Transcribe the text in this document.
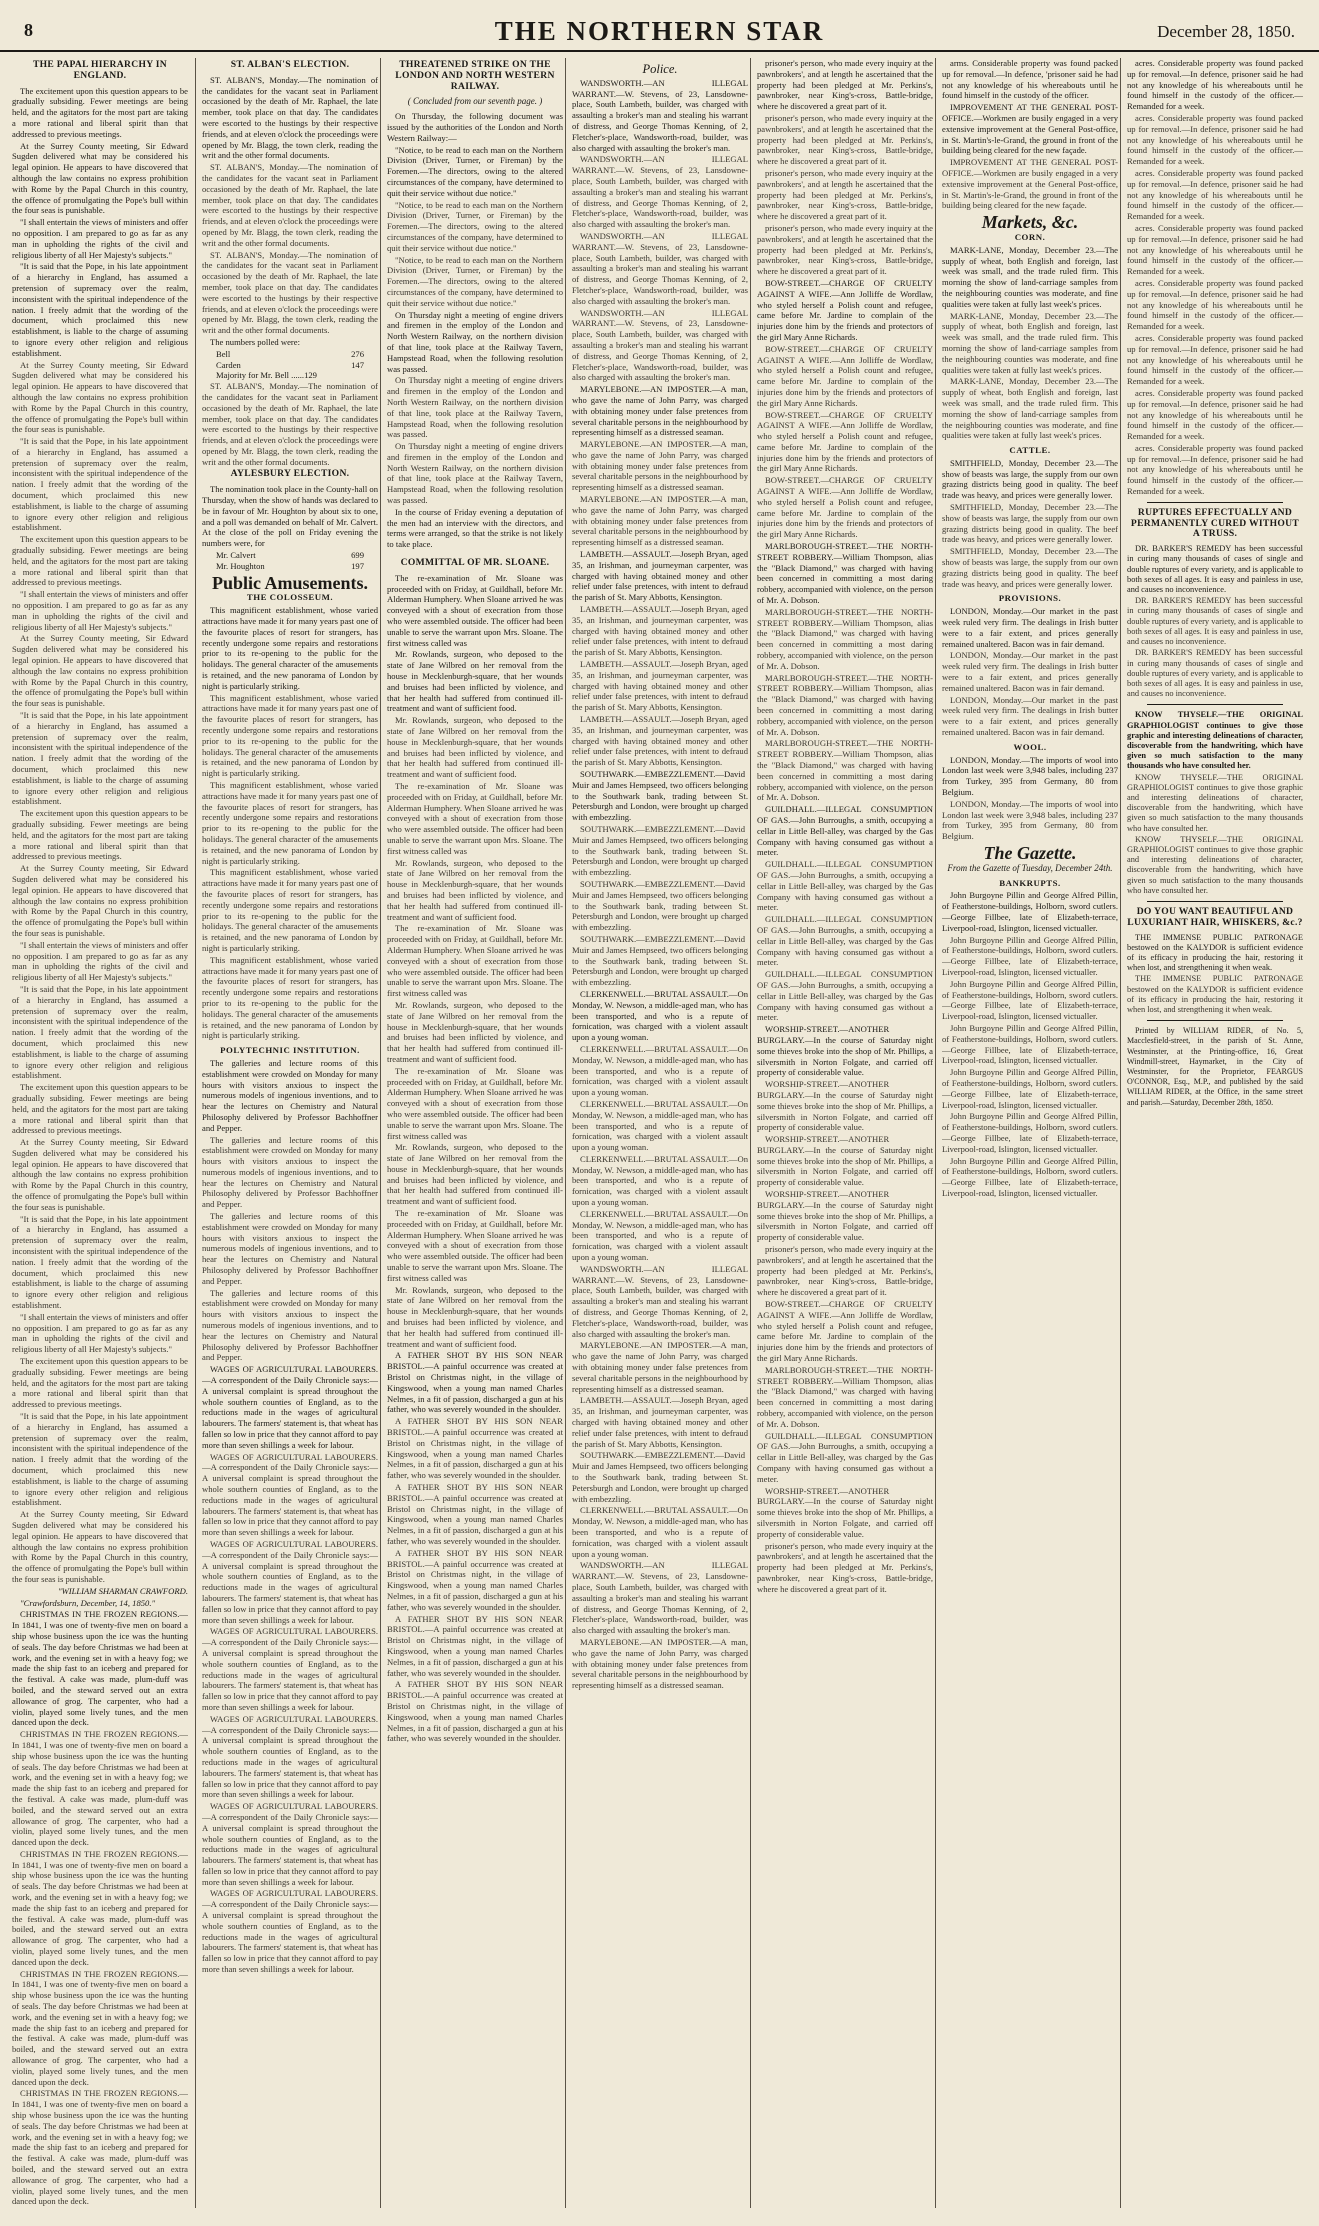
8	THE NORTHERN STAR	December 28, 1850.
THE PAPAL HIERARCHY IN ENGLAND.

The excitement upon this question appears to be gradually subsiding. Fewer meetings are being held, and the agitators for the most part are taking a more rational and liberal spirit than that addressed to previous meetings.

At the Surrey County meeting, Sir Edward Sugden delivered what may be considered his legal opinion. He appears to have discovered that although the law contains no express prohibition with Rome by the Papal Church in this country, the offence of promulgating the Pope's bull within the four seas is punishable.

"I shall entertain the views of ministers and offer no opposition. I am prepared to go as far as any man in upholding the rights of the civil and religious liberty of all Her Majesty's subjects."

"It is said that the Pope, in his late appointment of a hierarchy in England, has assumed a pretension of supremacy over the realm, inconsistent with the spiritual independence of the nation. I freely admit that the wording of the document, which proclaimed this new establishment, is liable to the charge of assuming to ignore every other religion and religious establishment.

At the Surrey County meeting, Sir Edward Sugden delivered what may be considered his legal opinion. He appears to have discovered that although the law contains no express prohibition with Rome by the Papal Church in this country, the offence of promulgating the Pope's bull within the four seas is punishable.

"It is said that the Pope, in his late appointment of a hierarchy in England, has assumed a pretension of supremacy over the realm, inconsistent with the spiritual independence of the nation. I freely admit that the wording of the document, which proclaimed this new establishment, is liable to the charge of assuming to ignore every other religion and religious establishment.

The excitement upon this question appears to be gradually subsiding. Fewer meetings are being held, and the agitators for the most part are taking a more rational and liberal spirit than that addressed to previous meetings.

"I shall entertain the views of ministers and offer no opposition. I am prepared to go as far as any man in upholding the rights of the civil and religious liberty of all Her Majesty's subjects."

At the Surrey County meeting, Sir Edward Sugden delivered what may be considered his legal opinion. He appears to have discovered that although the law contains no express prohibition with Rome by the Papal Church in this country, the offence of promulgating the Pope's bull within the four seas is punishable.

"It is said that the Pope, in his late appointment of a hierarchy in England, has assumed a pretension of supremacy over the realm, inconsistent with the spiritual independence of the nation. I freely admit that the wording of the document, which proclaimed this new establishment, is liable to the charge of assuming to ignore every other religion and religious establishment.

The excitement upon this question appears to be gradually subsiding. Fewer meetings are being held, and the agitators for the most part are taking a more rational and liberal spirit than that addressed to previous meetings.

At the Surrey County meeting, Sir Edward Sugden delivered what may be considered his legal opinion. He appears to have discovered that although the law contains no express prohibition with Rome by the Papal Church in this country, the offence of promulgating the Pope's bull within the four seas is punishable.

"I shall entertain the views of ministers and offer no opposition. I am prepared to go as far as any man in upholding the rights of the civil and religious liberty of all Her Majesty's subjects."

"It is said that the Pope, in his late appointment of a hierarchy in England, has assumed a pretension of supremacy over the realm, inconsistent with the spiritual independence of the nation. I freely admit that the wording of the document, which proclaimed this new establishment, is liable to the charge of assuming to ignore every other religion and religious establishment.

The excitement upon this question appears to be gradually subsiding. Fewer meetings are being held, and the agitators for the most part are taking a more rational and liberal spirit than that addressed to previous meetings.

At the Surrey County meeting, Sir Edward Sugden delivered what may be considered his legal opinion. He appears to have discovered that although the law contains no express prohibition with Rome by the Papal Church in this country, the offence of promulgating the Pope's bull within the four seas is punishable.

"It is said that the Pope, in his late appointment of a hierarchy in England, has assumed a pretension of supremacy over the realm, inconsistent with the spiritual independence of the nation. I freely admit that the wording of the document, which proclaimed this new establishment, is liable to the charge of assuming to ignore every other religion and religious establishment.

"I shall entertain the views of ministers and offer no opposition. I am prepared to go as far as any man in upholding the rights of the civil and religious liberty of all Her Majesty's subjects."

The excitement upon this question appears to be gradually subsiding. Fewer meetings are being held, and the agitators for the most part are taking a more rational and liberal spirit than that addressed to previous meetings.

"It is said that the Pope, in his late appointment of a hierarchy in England, has assumed a pretension of supremacy over the realm, inconsistent with the spiritual independence of the nation. I freely admit that the wording of the document, which proclaimed this new establishment, is liable to the charge of assuming to ignore every other religion and religious establishment.

At the Surrey County meeting, Sir Edward Sugden delivered what may be considered his legal opinion. He appears to have discovered that although the law contains no express prohibition with Rome by the Papal Church in this country, the offence of promulgating the Pope's bull within the four seas is punishable.

"WILLIAM SHARMAN CRAWFORD.

"Crawfordsburn, December, 14, 1850."

CHRISTMAS IN THE FROZEN REGIONS.—In 1841, I was one of twenty-five men on board a ship whose business upon the ice was the hunting of seals. The day before Christmas we had been at work, and the evening set in with a heavy fog; we made the ship fast to an iceberg and prepared for the festival. A cake was made, plum-duff was boiled, and the steward served out an extra allowance of grog. The carpenter, who had a violin, played some lively tunes, and the men danced upon the deck.

CHRISTMAS IN THE FROZEN REGIONS.—In 1841, I was one of twenty-five men on board a ship whose business upon the ice was the hunting of seals. The day before Christmas we had been at work, and the evening set in with a heavy fog; we made the ship fast to an iceberg and prepared for the festival. A cake was made, plum-duff was boiled, and the steward served out an extra allowance of grog. The carpenter, who had a violin, played some lively tunes, and the men danced upon the deck.

CHRISTMAS IN THE FROZEN REGIONS.—In 1841, I was one of twenty-five men on board a ship whose business upon the ice was the hunting of seals. The day before Christmas we had been at work, and the evening set in with a heavy fog; we made the ship fast to an iceberg and prepared for the festival. A cake was made, plum-duff was boiled, and the steward served out an extra allowance of grog. The carpenter, who had a violin, played some lively tunes, and the men danced upon the deck.

CHRISTMAS IN THE FROZEN REGIONS.—In 1841, I was one of twenty-five men on board a ship whose business upon the ice was the hunting of seals. The day before Christmas we had been at work, and the evening set in with a heavy fog; we made the ship fast to an iceberg and prepared for the festival. A cake was made, plum-duff was boiled, and the steward served out an extra allowance of grog. The carpenter, who had a violin, played some lively tunes, and the men danced upon the deck.

CHRISTMAS IN THE FROZEN REGIONS.—In 1841, I was one of twenty-five men on board a ship whose business upon the ice was the hunting of seals. The day before Christmas we had been at work, and the evening set in with a heavy fog; we made the ship fast to an iceberg and prepared for the festival. A cake was made, plum-duff was boiled, and the steward served out an extra allowance of grog. The carpenter, who had a violin, played some lively tunes, and the men danced upon the deck.

ST. ALBAN'S ELECTION.

ST. ALBAN'S, Monday.—The nomination of the candidates for the vacant seat in Parliament occasioned by the death of Mr. Raphael, the late member, took place on that day. The candidates were escorted to the hustings by their respective friends, and at eleven o'clock the proceedings were opened by Mr. Blagg, the town clerk, reading the writ and the other formal documents.

ST. ALBAN'S, Monday.—The nomination of the candidates for the vacant seat in Parliament occasioned by the death of Mr. Raphael, the late member, took place on that day. The candidates were escorted to the hustings by their respective friends, and at eleven o'clock the proceedings were opened by Mr. Blagg, the town clerk, reading the writ and the other formal documents.

ST. ALBAN'S, Monday.—The nomination of the candidates for the vacant seat in Parliament occasioned by the death of Mr. Raphael, the late member, took place on that day. The candidates were escorted to the hustings by their respective friends, and at eleven o'clock the proceedings were opened by Mr. Blagg, the town clerk, reading the writ and the other formal documents.

The numbers polled were:

Bell	276
Carden	147
Majority for Mr. Bell ......129

ST. ALBAN'S, Monday.—The nomination of the candidates for the vacant seat in Parliament occasioned by the death of Mr. Raphael, the late member, took place on that day. The candidates were escorted to the hustings by their respective friends, and at eleven o'clock the proceedings were opened by Mr. Blagg, the town clerk, reading the writ and the other formal documents.

AYLESBURY ELECTION.

The nomination took place in the County-hall on Thursday, when the show of hands was declared to be in favour of Mr. Houghton by about six to one, and a poll was demanded on behalf of Mr. Calvert. At the close of the poll on Friday evening the numbers were, for

Mr. Calvert	699
Mr. Houghton	197
Public Amusements.
THE COLOSSEUM.

This magnificent establishment, whose varied attractions have made it for many years past one of the favourite places of resort for strangers, has recently undergone some repairs and restorations prior to its re-opening to the public for the holidays. The general character of the amusements is retained, and the new panorama of London by night is particularly striking.

This magnificent establishment, whose varied attractions have made it for many years past one of the favourite places of resort for strangers, has recently undergone some repairs and restorations prior to its re-opening to the public for the holidays. The general character of the amusements is retained, and the new panorama of London by night is particularly striking.

This magnificent establishment, whose varied attractions have made it for many years past one of the favourite places of resort for strangers, has recently undergone some repairs and restorations prior to its re-opening to the public for the holidays. The general character of the amusements is retained, and the new panorama of London by night is particularly striking.

This magnificent establishment, whose varied attractions have made it for many years past one of the favourite places of resort for strangers, has recently undergone some repairs and restorations prior to its re-opening to the public for the holidays. The general character of the amusements is retained, and the new panorama of London by night is particularly striking.

This magnificent establishment, whose varied attractions have made it for many years past one of the favourite places of resort for strangers, has recently undergone some repairs and restorations prior to its re-opening to the public for the holidays. The general character of the amusements is retained, and the new panorama of London by night is particularly striking.

POLYTECHNIC INSTITUTION.

The galleries and lecture rooms of this establishment were crowded on Monday for many hours with visitors anxious to inspect the numerous models of ingenious inventions, and to hear the lectures on Chemistry and Natural Philosophy delivered by Professor Bachhoffner and Pepper.

The galleries and lecture rooms of this establishment were crowded on Monday for many hours with visitors anxious to inspect the numerous models of ingenious inventions, and to hear the lectures on Chemistry and Natural Philosophy delivered by Professor Bachhoffner and Pepper.

The galleries and lecture rooms of this establishment were crowded on Monday for many hours with visitors anxious to inspect the numerous models of ingenious inventions, and to hear the lectures on Chemistry and Natural Philosophy delivered by Professor Bachhoffner and Pepper.

The galleries and lecture rooms of this establishment were crowded on Monday for many hours with visitors anxious to inspect the numerous models of ingenious inventions, and to hear the lectures on Chemistry and Natural Philosophy delivered by Professor Bachhoffner and Pepper.

WAGES OF AGRICULTURAL LABOURERS.—A correspondent of the Daily Chronicle says:—A universal complaint is spread throughout the whole southern counties of England, as to the reductions made in the wages of agricultural labourers. The farmers' statement is, that wheat has fallen so low in price that they cannot afford to pay more than seven shillings a week for labour.

WAGES OF AGRICULTURAL LABOURERS.—A correspondent of the Daily Chronicle says:—A universal complaint is spread throughout the whole southern counties of England, as to the reductions made in the wages of agricultural labourers. The farmers' statement is, that wheat has fallen so low in price that they cannot afford to pay more than seven shillings a week for labour.

WAGES OF AGRICULTURAL LABOURERS.—A correspondent of the Daily Chronicle says:—A universal complaint is spread throughout the whole southern counties of England, as to the reductions made in the wages of agricultural labourers. The farmers' statement is, that wheat has fallen so low in price that they cannot afford to pay more than seven shillings a week for labour.

WAGES OF AGRICULTURAL LABOURERS.—A correspondent of the Daily Chronicle says:—A universal complaint is spread throughout the whole southern counties of England, as to the reductions made in the wages of agricultural labourers. The farmers' statement is, that wheat has fallen so low in price that they cannot afford to pay more than seven shillings a week for labour.

WAGES OF AGRICULTURAL LABOURERS.—A correspondent of the Daily Chronicle says:—A universal complaint is spread throughout the whole southern counties of England, as to the reductions made in the wages of agricultural labourers. The farmers' statement is, that wheat has fallen so low in price that they cannot afford to pay more than seven shillings a week for labour.

WAGES OF AGRICULTURAL LABOURERS.—A correspondent of the Daily Chronicle says:—A universal complaint is spread throughout the whole southern counties of England, as to the reductions made in the wages of agricultural labourers. The farmers' statement is, that wheat has fallen so low in price that they cannot afford to pay more than seven shillings a week for labour.

WAGES OF AGRICULTURAL LABOURERS.—A correspondent of the Daily Chronicle says:—A universal complaint is spread throughout the whole southern counties of England, as to the reductions made in the wages of agricultural labourers. The farmers' statement is, that wheat has fallen so low in price that they cannot afford to pay more than seven shillings a week for labour.

THREATENED STRIKE ON THE LONDON AND NORTH WESTERN RAILWAY.
( Concluded from our seventh page. )

On Thursday, the following document was issued by the authorities of the London and North Western Railway:—

"Notice, to be read to each man on the Northern Division (Driver, Turner, or Fireman) by the Foremen.—The directors, owing to the altered circumstances of the company, have determined to quit their service without due notice."

"Notice, to be read to each man on the Northern Division (Driver, Turner, or Fireman) by the Foremen.—The directors, owing to the altered circumstances of the company, have determined to quit their service without due notice."

"Notice, to be read to each man on the Northern Division (Driver, Turner, or Fireman) by the Foremen.—The directors, owing to the altered circumstances of the company, have determined to quit their service without due notice."

On Thursday night a meeting of engine drivers and firemen in the employ of the London and North Western Railway, on the northern division of that line, took place at the Railway Tavern, Hampstead Road, when the following resolution was passed.

On Thursday night a meeting of engine drivers and firemen in the employ of the London and North Western Railway, on the northern division of that line, took place at the Railway Tavern, Hampstead Road, when the following resolution was passed.

On Thursday night a meeting of engine drivers and firemen in the employ of the London and North Western Railway, on the northern division of that line, took place at the Railway Tavern, Hampstead Road, when the following resolution was passed.

In the course of Friday evening a deputation of the men had an interview with the directors, and terms were arranged, so that the strike is not likely to take place.

COMMITTAL OF MR. SLOANE.

The re-examination of Mr. Sloane was proceeded with on Friday, at Guildhall, before Mr. Alderman Humphery. When Sloane arrived he was conveyed with a shout of execration from those who were assembled outside. The officer had been unable to serve the warrant upon Mrs. Sloane. The first witness called was

Mr. Rowlands, surgeon, who deposed to the state of Jane Wilbred on her removal from the house in Mecklenburgh-square, that her wounds and bruises had been inflicted by violence, and that her health had suffered from continued ill-treatment and want of sufficient food.

Mr. Rowlands, surgeon, who deposed to the state of Jane Wilbred on her removal from the house in Mecklenburgh-square, that her wounds and bruises had been inflicted by violence, and that her health had suffered from continued ill-treatment and want of sufficient food.

The re-examination of Mr. Sloane was proceeded with on Friday, at Guildhall, before Mr. Alderman Humphery. When Sloane arrived he was conveyed with a shout of execration from those who were assembled outside. The officer had been unable to serve the warrant upon Mrs. Sloane. The first witness called was

Mr. Rowlands, surgeon, who deposed to the state of Jane Wilbred on her removal from the house in Mecklenburgh-square, that her wounds and bruises had been inflicted by violence, and that her health had suffered from continued ill-treatment and want of sufficient food.

The re-examination of Mr. Sloane was proceeded with on Friday, at Guildhall, before Mr. Alderman Humphery. When Sloane arrived he was conveyed with a shout of execration from those who were assembled outside. The officer had been unable to serve the warrant upon Mrs. Sloane. The first witness called was

Mr. Rowlands, surgeon, who deposed to the state of Jane Wilbred on her removal from the house in Mecklenburgh-square, that her wounds and bruises had been inflicted by violence, and that her health had suffered from continued ill-treatment and want of sufficient food.

The re-examination of Mr. Sloane was proceeded with on Friday, at Guildhall, before Mr. Alderman Humphery. When Sloane arrived he was conveyed with a shout of execration from those who were assembled outside. The officer had been unable to serve the warrant upon Mrs. Sloane. The first witness called was

Mr. Rowlands, surgeon, who deposed to the state of Jane Wilbred on her removal from the house in Mecklenburgh-square, that her wounds and bruises had been inflicted by violence, and that her health had suffered from continued ill-treatment and want of sufficient food.

The re-examination of Mr. Sloane was proceeded with on Friday, at Guildhall, before Mr. Alderman Humphery. When Sloane arrived he was conveyed with a shout of execration from those who were assembled outside. The officer had been unable to serve the warrant upon Mrs. Sloane. The first witness called was

Mr. Rowlands, surgeon, who deposed to the state of Jane Wilbred on her removal from the house in Mecklenburgh-square, that her wounds and bruises had been inflicted by violence, and that her health had suffered from continued ill-treatment and want of sufficient food.

A FATHER SHOT BY HIS SON NEAR BRISTOL.—A painful occurrence was created at Bristol on Christmas night, in the village of Kingswood, when a young man named Charles Nelmes, in a fit of passion, discharged a gun at his father, who was severely wounded in the shoulder.

A FATHER SHOT BY HIS SON NEAR BRISTOL.—A painful occurrence was created at Bristol on Christmas night, in the village of Kingswood, when a young man named Charles Nelmes, in a fit of passion, discharged a gun at his father, who was severely wounded in the shoulder.

A FATHER SHOT BY HIS SON NEAR BRISTOL.—A painful occurrence was created at Bristol on Christmas night, in the village of Kingswood, when a young man named Charles Nelmes, in a fit of passion, discharged a gun at his father, who was severely wounded in the shoulder.

A FATHER SHOT BY HIS SON NEAR BRISTOL.—A painful occurrence was created at Bristol on Christmas night, in the village of Kingswood, when a young man named Charles Nelmes, in a fit of passion, discharged a gun at his father, who was severely wounded in the shoulder.

A FATHER SHOT BY HIS SON NEAR BRISTOL.—A painful occurrence was created at Bristol on Christmas night, in the village of Kingswood, when a young man named Charles Nelmes, in a fit of passion, discharged a gun at his father, who was severely wounded in the shoulder.

A FATHER SHOT BY HIS SON NEAR BRISTOL.—A painful occurrence was created at Bristol on Christmas night, in the village of Kingswood, when a young man named Charles Nelmes, in a fit of passion, discharged a gun at his father, who was severely wounded in the shoulder.

Police.

WANDSWORTH.—AN ILLEGAL WARRANT.—W. Stevens, of 23, Lansdowne-place, South Lambeth, builder, was charged with assaulting a broker's man and stealing his warrant of distress, and George Thomas Kenning, of 2, Fletcher's-place, Wandsworth-road, builder, was also charged with assaulting the broker's man.

WANDSWORTH.—AN ILLEGAL WARRANT.—W. Stevens, of 23, Lansdowne-place, South Lambeth, builder, was charged with assaulting a broker's man and stealing his warrant of distress, and George Thomas Kenning, of 2, Fletcher's-place, Wandsworth-road, builder, was also charged with assaulting the broker's man.

WANDSWORTH.—AN ILLEGAL WARRANT.—W. Stevens, of 23, Lansdowne-place, South Lambeth, builder, was charged with assaulting a broker's man and stealing his warrant of distress, and George Thomas Kenning, of 2, Fletcher's-place, Wandsworth-road, builder, was also charged with assaulting the broker's man.

WANDSWORTH.—AN ILLEGAL WARRANT.—W. Stevens, of 23, Lansdowne-place, South Lambeth, builder, was charged with assaulting a broker's man and stealing his warrant of distress, and George Thomas Kenning, of 2, Fletcher's-place, Wandsworth-road, builder, was also charged with assaulting the broker's man.

MARYLEBONE.—AN IMPOSTER.—A man, who gave the name of John Parry, was charged with obtaining money under false pretences from several charitable persons in the neighbourhood by representing himself as a distressed seaman.

MARYLEBONE.—AN IMPOSTER.—A man, who gave the name of John Parry, was charged with obtaining money under false pretences from several charitable persons in the neighbourhood by representing himself as a distressed seaman.

MARYLEBONE.—AN IMPOSTER.—A man, who gave the name of John Parry, was charged with obtaining money under false pretences from several charitable persons in the neighbourhood by representing himself as a distressed seaman.

LAMBETH.—ASSAULT.—Joseph Bryan, aged 35, an Irishman, and journeyman carpenter, was charged with having obtained money and other relief under false pretences, with intent to defraud the parish of St. Mary Abbotts, Kensington.

LAMBETH.—ASSAULT.—Joseph Bryan, aged 35, an Irishman, and journeyman carpenter, was charged with having obtained money and other relief under false pretences, with intent to defraud the parish of St. Mary Abbotts, Kensington.

LAMBETH.—ASSAULT.—Joseph Bryan, aged 35, an Irishman, and journeyman carpenter, was charged with having obtained money and other relief under false pretences, with intent to defraud the parish of St. Mary Abbotts, Kensington.

LAMBETH.—ASSAULT.—Joseph Bryan, aged 35, an Irishman, and journeyman carpenter, was charged with having obtained money and other relief under false pretences, with intent to defraud the parish of St. Mary Abbotts, Kensington.

SOUTHWARK.—EMBEZZLEMENT.—David Muir and James Hempseed, two officers belonging to the Southwark bank, trading between St. Petersburgh and London, were brought up charged with embezzling.

SOUTHWARK.—EMBEZZLEMENT.—David Muir and James Hempseed, two officers belonging to the Southwark bank, trading between St. Petersburgh and London, were brought up charged with embezzling.

SOUTHWARK.—EMBEZZLEMENT.—David Muir and James Hempseed, two officers belonging to the Southwark bank, trading between St. Petersburgh and London, were brought up charged with embezzling.

SOUTHWARK.—EMBEZZLEMENT.—David Muir and James Hempseed, two officers belonging to the Southwark bank, trading between St. Petersburgh and London, were brought up charged with embezzling.

CLERKENWELL.—BRUTAL ASSAULT.—On Monday, W. Newson, a middle-aged man, who has been transported, and who is a repute of fornication, was charged with a violent assault upon a young woman.

CLERKENWELL.—BRUTAL ASSAULT.—On Monday, W. Newson, a middle-aged man, who has been transported, and who is a repute of fornication, was charged with a violent assault upon a young woman.

CLERKENWELL.—BRUTAL ASSAULT.—On Monday, W. Newson, a middle-aged man, who has been transported, and who is a repute of fornication, was charged with a violent assault upon a young woman.

CLERKENWELL.—BRUTAL ASSAULT.—On Monday, W. Newson, a middle-aged man, who has been transported, and who is a repute of fornication, was charged with a violent assault upon a young woman.

CLERKENWELL.—BRUTAL ASSAULT.—On Monday, W. Newson, a middle-aged man, who has been transported, and who is a repute of fornication, was charged with a violent assault upon a young woman.

WANDSWORTH.—AN ILLEGAL WARRANT.—W. Stevens, of 23, Lansdowne-place, South Lambeth, builder, was charged with assaulting a broker's man and stealing his warrant of distress, and George Thomas Kenning, of 2, Fletcher's-place, Wandsworth-road, builder, was also charged with assaulting the broker's man.

MARYLEBONE.—AN IMPOSTER.—A man, who gave the name of John Parry, was charged with obtaining money under false pretences from several charitable persons in the neighbourhood by representing himself as a distressed seaman.

LAMBETH.—ASSAULT.—Joseph Bryan, aged 35, an Irishman, and journeyman carpenter, was charged with having obtained money and other relief under false pretences, with intent to defraud the parish of St. Mary Abbotts, Kensington.

SOUTHWARK.—EMBEZZLEMENT.—David Muir and James Hempseed, two officers belonging to the Southwark bank, trading between St. Petersburgh and London, were brought up charged with embezzling.

CLERKENWELL.—BRUTAL ASSAULT.—On Monday, W. Newson, a middle-aged man, who has been transported, and who is a repute of fornication, was charged with a violent assault upon a young woman.

WANDSWORTH.—AN ILLEGAL WARRANT.—W. Stevens, of 23, Lansdowne-place, South Lambeth, builder, was charged with assaulting a broker's man and stealing his warrant of distress, and George Thomas Kenning, of 2, Fletcher's-place, Wandsworth-road, builder, was also charged with assaulting the broker's man.

MARYLEBONE.—AN IMPOSTER.—A man, who gave the name of John Parry, was charged with obtaining money under false pretences from several charitable persons in the neighbourhood by representing himself as a distressed seaman.

prisoner's person, who made every inquiry at the pawnbrokers', and at length he ascertained that the property had been pledged at Mr. Perkins's, pawnbroker, near King's-cross, Battle-bridge, where he discovered a great part of it.

prisoner's person, who made every inquiry at the pawnbrokers', and at length he ascertained that the property had been pledged at Mr. Perkins's, pawnbroker, near King's-cross, Battle-bridge, where he discovered a great part of it.

prisoner's person, who made every inquiry at the pawnbrokers', and at length he ascertained that the property had been pledged at Mr. Perkins's, pawnbroker, near King's-cross, Battle-bridge, where he discovered a great part of it.

prisoner's person, who made every inquiry at the pawnbrokers', and at length he ascertained that the property had been pledged at Mr. Perkins's, pawnbroker, near King's-cross, Battle-bridge, where he discovered a great part of it.

BOW-STREET.—CHARGE OF CRUELTY AGAINST A WIFE.—Ann Jolliffe de Wordlaw, who styled herself a Polish count and refugee, came before Mr. Jardine to complain of the injuries done him by the friends and protectors of the girl Mary Anne Richards.

BOW-STREET.—CHARGE OF CRUELTY AGAINST A WIFE.—Ann Jolliffe de Wordlaw, who styled herself a Polish count and refugee, came before Mr. Jardine to complain of the injuries done him by the friends and protectors of the girl Mary Anne Richards.

BOW-STREET.—CHARGE OF CRUELTY AGAINST A WIFE.—Ann Jolliffe de Wordlaw, who styled herself a Polish count and refugee, came before Mr. Jardine to complain of the injuries done him by the friends and protectors of the girl Mary Anne Richards.

BOW-STREET.—CHARGE OF CRUELTY AGAINST A WIFE.—Ann Jolliffe de Wordlaw, who styled herself a Polish count and refugee, came before Mr. Jardine to complain of the injuries done him by the friends and protectors of the girl Mary Anne Richards.

MARLBOROUGH-STREET.—THE NORTH-STREET ROBBERY.—William Thompson, alias the "Black Diamond," was charged with having been concerned in committing a most daring robbery, accompanied with violence, on the person of Mr. A. Dobson.

MARLBOROUGH-STREET.—THE NORTH-STREET ROBBERY.—William Thompson, alias the "Black Diamond," was charged with having been concerned in committing a most daring robbery, accompanied with violence, on the person of Mr. A. Dobson.

MARLBOROUGH-STREET.—THE NORTH-STREET ROBBERY.—William Thompson, alias the "Black Diamond," was charged with having been concerned in committing a most daring robbery, accompanied with violence, on the person of Mr. A. Dobson.

MARLBOROUGH-STREET.—THE NORTH-STREET ROBBERY.—William Thompson, alias the "Black Diamond," was charged with having been concerned in committing a most daring robbery, accompanied with violence, on the person of Mr. A. Dobson.

GUILDHALL.—ILLEGAL CONSUMPTION OF GAS.—John Burroughs, a smith, occupying a cellar in Little Bell-alley, was charged by the Gas Company with having consumed gas without a meter.

GUILDHALL.—ILLEGAL CONSUMPTION OF GAS.—John Burroughs, a smith, occupying a cellar in Little Bell-alley, was charged by the Gas Company with having consumed gas without a meter.

GUILDHALL.—ILLEGAL CONSUMPTION OF GAS.—John Burroughs, a smith, occupying a cellar in Little Bell-alley, was charged by the Gas Company with having consumed gas without a meter.

GUILDHALL.—ILLEGAL CONSUMPTION OF GAS.—John Burroughs, a smith, occupying a cellar in Little Bell-alley, was charged by the Gas Company with having consumed gas without a meter.

WORSHIP-STREET.—ANOTHER BURGLARY.—In the course of Saturday night some thieves broke into the shop of Mr. Phillips, a silversmith in Norton Folgate, and carried off property of considerable value.

WORSHIP-STREET.—ANOTHER BURGLARY.—In the course of Saturday night some thieves broke into the shop of Mr. Phillips, a silversmith in Norton Folgate, and carried off property of considerable value.

WORSHIP-STREET.—ANOTHER BURGLARY.—In the course of Saturday night some thieves broke into the shop of Mr. Phillips, a silversmith in Norton Folgate, and carried off property of considerable value.

WORSHIP-STREET.—ANOTHER BURGLARY.—In the course of Saturday night some thieves broke into the shop of Mr. Phillips, a silversmith in Norton Folgate, and carried off property of considerable value.

prisoner's person, who made every inquiry at the pawnbrokers', and at length he ascertained that the property had been pledged at Mr. Perkins's, pawnbroker, near King's-cross, Battle-bridge, where he discovered a great part of it.

BOW-STREET.—CHARGE OF CRUELTY AGAINST A WIFE.—Ann Jolliffe de Wordlaw, who styled herself a Polish count and refugee, came before Mr. Jardine to complain of the injuries done him by the friends and protectors of the girl Mary Anne Richards.

MARLBOROUGH-STREET.—THE NORTH-STREET ROBBERY.—William Thompson, alias the "Black Diamond," was charged with having been concerned in committing a most daring robbery, accompanied with violence, on the person of Mr. A. Dobson.

GUILDHALL.—ILLEGAL CONSUMPTION OF GAS.—John Burroughs, a smith, occupying a cellar in Little Bell-alley, was charged by the Gas Company with having consumed gas without a meter.

WORSHIP-STREET.—ANOTHER BURGLARY.—In the course of Saturday night some thieves broke into the shop of Mr. Phillips, a silversmith in Norton Folgate, and carried off property of considerable value.

prisoner's person, who made every inquiry at the pawnbrokers', and at length he ascertained that the property had been pledged at Mr. Perkins's, pawnbroker, near King's-cross, Battle-bridge, where he discovered a great part of it.

arms. Considerable property was found packed up for removal.—In defence, 'prisoner said he had not any knowledge of his whereabouts until he found himself in the custody of the officer.

IMPROVEMENT AT THE GENERAL POST-OFFICE.—Workmen are busily engaged in a very extensive improvement at the General Post-office, in St. Martin's-le-Grand, the ground in front of the building being cleared for the new façade.

IMPROVEMENT AT THE GENERAL POST-OFFICE.—Workmen are busily engaged in a very extensive improvement at the General Post-office, in St. Martin's-le-Grand, the ground in front of the building being cleared for the new façade.

Markets, &c.
CORN.

MARK-LANE, Monday, December 23.—The supply of wheat, both English and foreign, last week was small, and the trade ruled firm. This morning the show of land-carriage samples from the neighbouring counties was moderate, and fine qualities were taken at fully last week's prices.

MARK-LANE, Monday, December 23.—The supply of wheat, both English and foreign, last week was small, and the trade ruled firm. This morning the show of land-carriage samples from the neighbouring counties was moderate, and fine qualities were taken at fully last week's prices.

MARK-LANE, Monday, December 23.—The supply of wheat, both English and foreign, last week was small, and the trade ruled firm. This morning the show of land-carriage samples from the neighbouring counties was moderate, and fine qualities were taken at fully last week's prices.

CATTLE.

SMITHFIELD, Monday, December 23.—The show of beasts was large, the supply from our own grazing districts being good in quality. The beef trade was heavy, and prices were generally lower.

SMITHFIELD, Monday, December 23.—The show of beasts was large, the supply from our own grazing districts being good in quality. The beef trade was heavy, and prices were generally lower.

SMITHFIELD, Monday, December 23.—The show of beasts was large, the supply from our own grazing districts being good in quality. The beef trade was heavy, and prices were generally lower.

PROVISIONS.

LONDON, Monday.—Our market in the past week ruled very firm. The dealings in Irish butter were to a fair extent, and prices generally remained unaltered. Bacon was in fair demand.

LONDON, Monday.—Our market in the past week ruled very firm. The dealings in Irish butter were to a fair extent, and prices generally remained unaltered. Bacon was in fair demand.

LONDON, Monday.—Our market in the past week ruled very firm. The dealings in Irish butter were to a fair extent, and prices generally remained unaltered. Bacon was in fair demand.

WOOL.

LONDON, Monday.—The imports of wool into London last week were 3,948 bales, including 237 from Turkey, 395 from Germany, 80 from Belgium.

LONDON, Monday.—The imports of wool into London last week were 3,948 bales, including 237 from Turkey, 395 from Germany, 80 from Belgium.

The Gazette.
From the Gazette of Tuesday, December 24th.
BANKRUPTS.

John Burgoyne Pillin and George Alfred Pillin, of Featherstone-buildings, Holborn, sword cutlers.—George Fillbee, late of Elizabeth-terrace, Liverpool-road, Islington, licensed victualler.

John Burgoyne Pillin and George Alfred Pillin, of Featherstone-buildings, Holborn, sword cutlers.—George Fillbee, late of Elizabeth-terrace, Liverpool-road, Islington, licensed victualler.

John Burgoyne Pillin and George Alfred Pillin, of Featherstone-buildings, Holborn, sword cutlers.—George Fillbee, late of Elizabeth-terrace, Liverpool-road, Islington, licensed victualler.

John Burgoyne Pillin and George Alfred Pillin, of Featherstone-buildings, Holborn, sword cutlers.—George Fillbee, late of Elizabeth-terrace, Liverpool-road, Islington, licensed victualler.

John Burgoyne Pillin and George Alfred Pillin, of Featherstone-buildings, Holborn, sword cutlers.—George Fillbee, late of Elizabeth-terrace, Liverpool-road, Islington, licensed victualler.

John Burgoyne Pillin and George Alfred Pillin, of Featherstone-buildings, Holborn, sword cutlers.—George Fillbee, late of Elizabeth-terrace, Liverpool-road, Islington, licensed victualler.

John Burgoyne Pillin and George Alfred Pillin, of Featherstone-buildings, Holborn, sword cutlers.—George Fillbee, late of Elizabeth-terrace, Liverpool-road, Islington, licensed victualler.

acres. Considerable property was found packed up for removal.—In defence, prisoner said he had not any knowledge of his whereabouts until he found himself in the custody of the officer.—Remanded for a week.

acres. Considerable property was found packed up for removal.—In defence, prisoner said he had not any knowledge of his whereabouts until he found himself in the custody of the officer.—Remanded for a week.

acres. Considerable property was found packed up for removal.—In defence, prisoner said he had not any knowledge of his whereabouts until he found himself in the custody of the officer.—Remanded for a week.

acres. Considerable property was found packed up for removal.—In defence, prisoner said he had not any knowledge of his whereabouts until he found himself in the custody of the officer.—Remanded for a week.

acres. Considerable property was found packed up for removal.—In defence, prisoner said he had not any knowledge of his whereabouts until he found himself in the custody of the officer.—Remanded for a week.

acres. Considerable property was found packed up for removal.—In defence, prisoner said he had not any knowledge of his whereabouts until he found himself in the custody of the officer.—Remanded for a week.

acres. Considerable property was found packed up for removal.—In defence, prisoner said he had not any knowledge of his whereabouts until he found himself in the custody of the officer.—Remanded for a week.

acres. Considerable property was found packed up for removal.—In defence, prisoner said he had not any knowledge of his whereabouts until he found himself in the custody of the officer.—Remanded for a week.

RUPTURES EFFECTUALLY AND PERMANENTLY CURED WITHOUT A TRUSS.

DR. BARKER'S REMEDY has been successful in curing many thousands of cases of single and double ruptures of every variety, and is applicable to both sexes of all ages. It is easy and painless in use, and causes no inconvenience.

DR. BARKER'S REMEDY has been successful in curing many thousands of cases of single and double ruptures of every variety, and is applicable to both sexes of all ages. It is easy and painless in use, and causes no inconvenience.

DR. BARKER'S REMEDY has been successful in curing many thousands of cases of single and double ruptures of every variety, and is applicable to both sexes of all ages. It is easy and painless in use, and causes no inconvenience.

KNOW THYSELF.—THE ORIGINAL GRAPHIOLOGIST continues to give those graphic and interesting delineations of character, discoverable from the handwriting, which have given so much satisfaction to the many thousands who have consulted her.

KNOW THYSELF.—THE ORIGINAL GRAPHIOLOGIST continues to give those graphic and interesting delineations of character, discoverable from the handwriting, which have given so much satisfaction to the many thousands who have consulted her.

KNOW THYSELF.—THE ORIGINAL GRAPHIOLOGIST continues to give those graphic and interesting delineations of character, discoverable from the handwriting, which have given so much satisfaction to the many thousands who have consulted her.

DO YOU WANT BEAUTIFUL AND LUXURIANT HAIR, WHISKERS, &c.?

THE IMMENSE PUBLIC PATRONAGE bestowed on the KALYDOR is sufficient evidence of its efficacy in producing the hair, restoring it when lost, and strengthening it when weak.

THE IMMENSE PUBLIC PATRONAGE bestowed on the KALYDOR is sufficient evidence of its efficacy in producing the hair, restoring it when lost, and strengthening it when weak.

Printed by WILLIAM RIDER, of No. 5, Macclesfield-street, in the parish of St. Anne, Westminster, at the Printing-office, 16, Great Windmill-street, Haymarket, in the City of Westminster, for the Proprietor, FEARGUS O'CONNOR, Esq., M.P., and published by the said WILLIAM RIDER, at the Office, in the same street and parish.—Saturday, December 28th, 1850.
